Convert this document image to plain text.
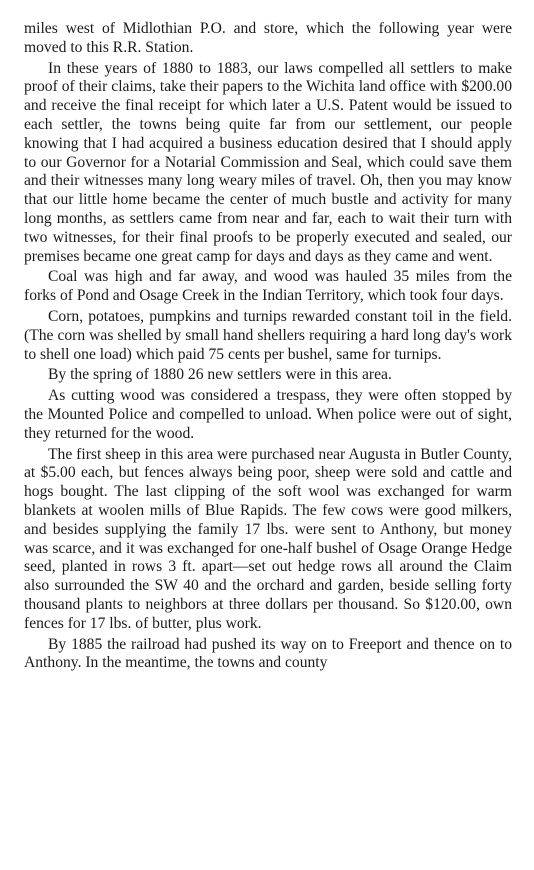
miles west of Midlothian P.O. and store, which the following year were moved to this R.R. Station.

In these years of 1880 to 1883, our laws compelled all settlers to make proof of their claims, take their papers to the Wichita land office with $200.00 and receive the final receipt for which later a U.S. Patent would be issued to each settler, the towns being quite far from our settlement, our people knowing that I had acquired a business education desired that I should apply to our Governor for a Notarial Commission and Seal, which could save them and their witnesses many long weary miles of travel. Oh, then you may know that our little home became the center of much bustle and activity for many long months, as settlers came from near and far, each to wait their turn with two witnesses, for their final proofs to be properly executed and sealed, our premises became one great camp for days and days as they came and went.

Coal was high and far away, and wood was hauled 35 miles from the forks of Pond and Osage Creek in the Indian Territory, which took four days.

Corn, potatoes, pumpkins and turnips rewarded constant toil in the field. (The corn was shelled by small hand shellers requiring a hard long day's work to shell one load) which paid 75 cents per bushel, same for turnips.

By the spring of 1880 26 new settlers were in this area.

As cutting wood was considered a trespass, they were often stopped by the Mounted Police and compelled to unload. When police were out of sight, they returned for the wood.

The first sheep in this area were purchased near Augusta in Butler County, at $5.00 each, but fences always being poor, sheep were sold and cattle and hogs bought. The last clipping of the soft wool was exchanged for warm blankets at woolen mills of Blue Rapids. The few cows were good milkers, and besides supplying the family 17 lbs. were sent to Anthony, but money was scarce, and it was exchanged for one-half bushel of Osage Orange Hedge seed, planted in rows 3 ft. apart—set out hedge rows all around the Claim also surrounded the SW 40 and the orchard and garden, beside selling forty thousand plants to neighbors at three dollars per thousand. So $120.00, own fences for 17 lbs. of butter, plus work.

By 1885 the railroad had pushed its way on to Freeport and thence on to Anthony. In the meantime, the towns and county
